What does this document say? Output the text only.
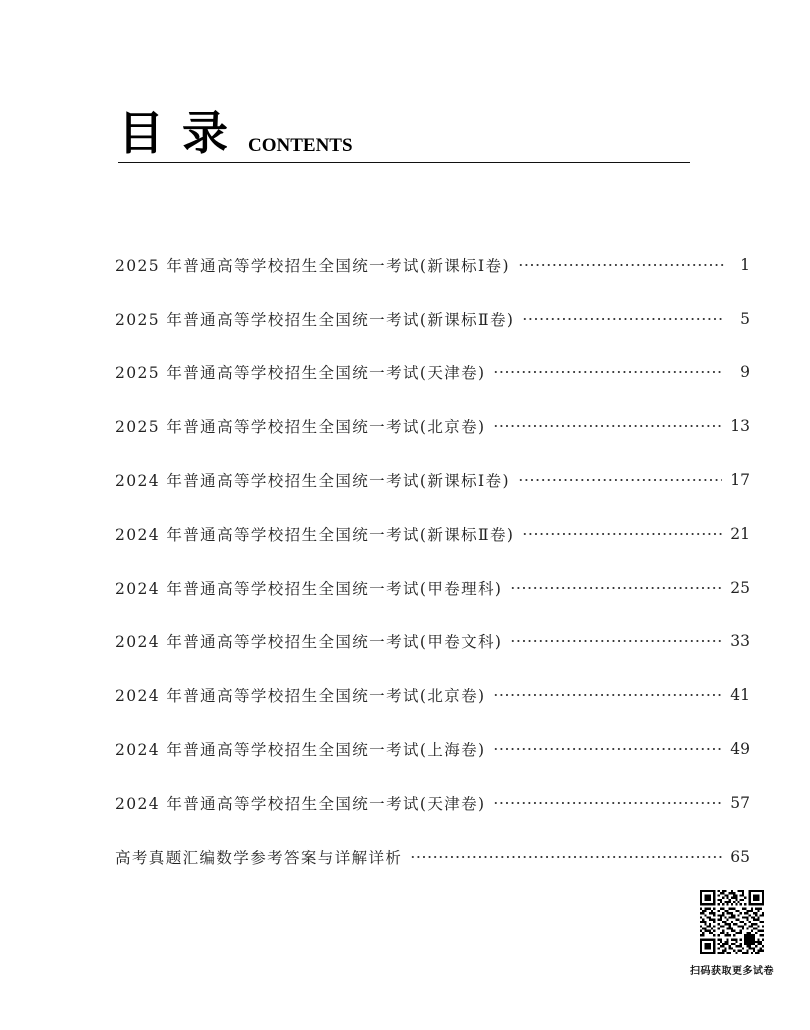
目录 CONTENTS
2025 年普通高等学校招生全国统一考试(新课标Ⅰ卷)	1
2025 年普通高等学校招生全国统一考试(新课标Ⅱ卷)	5
2025 年普通高等学校招生全国统一考试(天津卷)	9
2025 年普通高等学校招生全国统一考试(北京卷)	13
2024 年普通高等学校招生全国统一考试(新课标Ⅰ卷)	17
2024 年普通高等学校招生全国统一考试(新课标Ⅱ卷)	21
2024 年普通高等学校招生全国统一考试(甲卷理科)	25
2024 年普通高等学校招生全国统一考试(甲卷文科)	33
2024 年普通高等学校招生全国统一考试(北京卷)	41
2024 年普通高等学校招生全国统一考试(上海卷)	49
2024 年普通高等学校招生全国统一考试(天津卷)	57
高考真题汇编数学参考答案与详解详析	65
扫码获取更多试卷
